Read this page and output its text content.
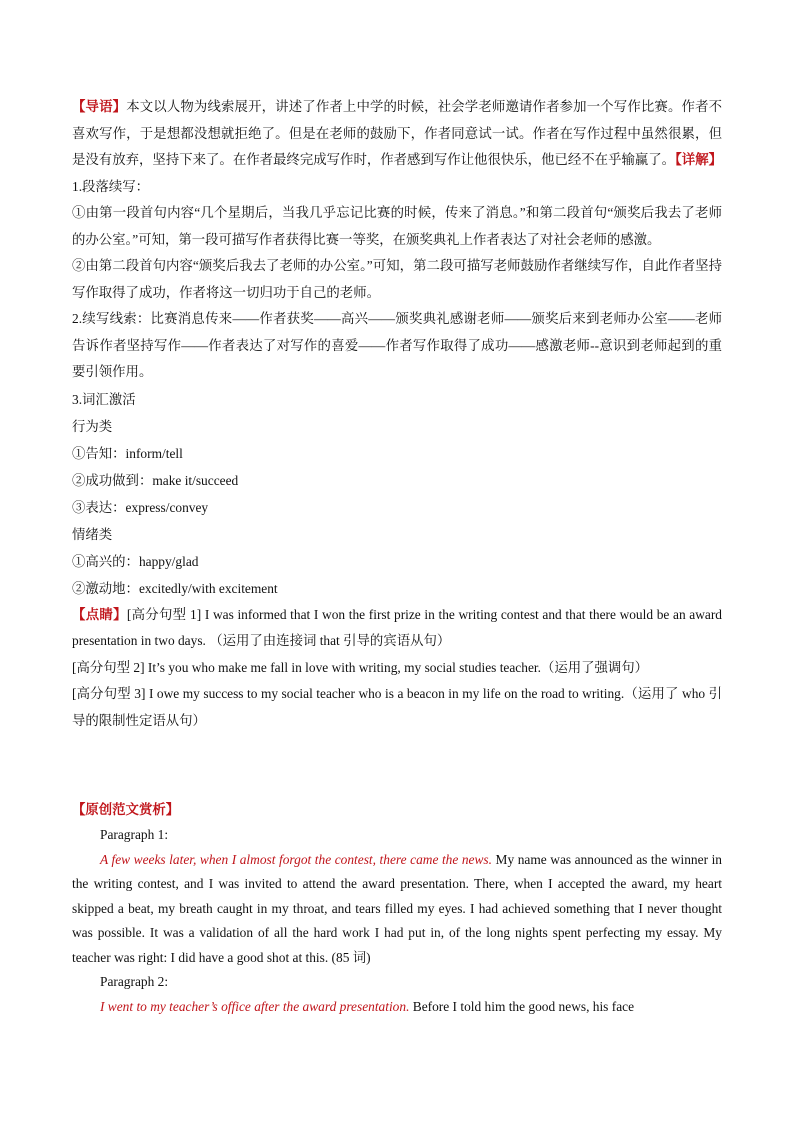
【导语】本文以人物为线索展开，讲述了作者上中学的时候，社会学老师邀请作者参加一个写作比赛。作者不喜欢写作，于是想都没想就拒绝了。但是在老师的鼓励下，作者同意试一试。作者在写作过程中虽然很累，但是没有放弃，坚持下来了。在作者最终完成写作时，作者感到写作让他很快乐，他已经不在乎输赢了。【详解】1.段落续写：

①由第一段首句内容“几个星期后，当我几乎忘记比赛的时候，传来了消息。”和第二段首句“颁奖后我去了老师的办公室。”可知，第一段可描写作者获得比赛一等奖，在颁奖典礼上作者表达了对社会老师的感激。

②由第二段首句内容“颁奖后我去了老师的办公室。”可知，第二段可描写老师鼓励作者继续写作，自此作者坚持写作取得了成功，作者将这一切归功于自己的老师。

2.续写线索：比赛消息传来——作者获奖——高兴——颁奖典礼感谢老师——颁奖后来到老师办公室——老师告诉作者坚持写作——作者表达了对写作的喜爱——作者写作取得了成功——感激老师--意识到老师起到的重要引领作用。

3.词汇激活
行为类
①告知：inform/tell
②成功做到：make it/succeed
③表达：express/convey
情绪类
①高兴的：happy/glad
②激动地：excitedly/with excitement

【点睛】[高分句型 1] I was informed that I won the first prize in the writing contest and that there would be an award presentation in two days. （运用了由连接词 that 引导的宾语从句）

[高分句型 2] It’s you who make me fall in love with writing, my social studies teacher.（运用了强调句）

[高分句型 3] I owe my success to my social teacher who is a beacon in my life on the road to writing.（运用了 who 引导的限制性定语从句）

【原创范文赏析】
Paragraph 1:

A few weeks later, when I almost forgot the contest, there came the news. My name was announced as the winner in the writing contest, and I was invited to attend the award presentation. There, when I accepted the award, my heart skipped a beat, my breath caught in my throat, and tears filled my eyes. I had achieved something that I never thought was possible. It was a validation of all the hard work I had put in, of the long nights spent perfecting my essay. My teacher was right: I did have a good shot at this. (85 词)

Paragraph 2:

I went to my teacher’s office after the award presentation. Before I told him the good news, his face
